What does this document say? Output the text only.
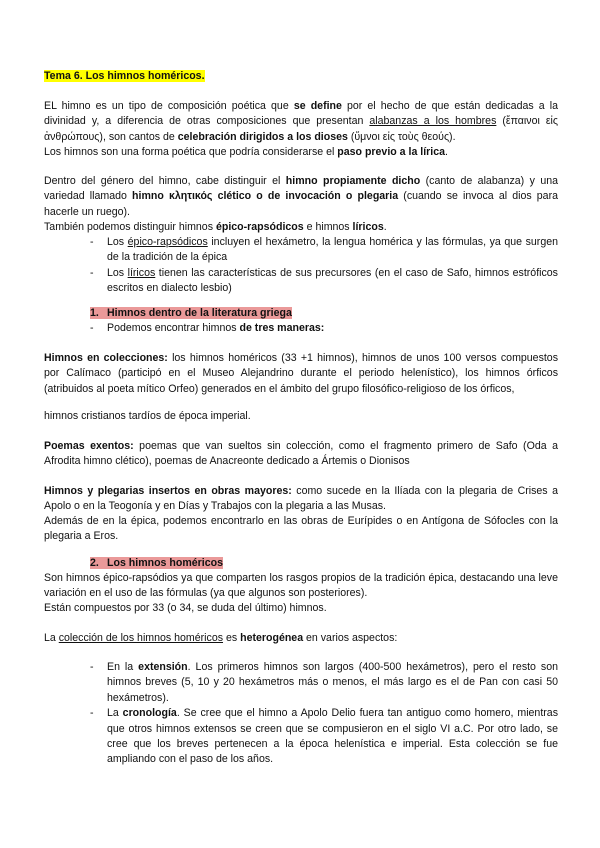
Tema 6. Los himnos homéricos.
EL himno es un tipo de composición poética que se define por el hecho de que están dedicadas a la divinidad y, a diferencia de otras composiciones que presentan alabanzas a los hombres (ἔπαινοι εἰς ἀνθρώπους), son cantos de celebración dirigidos a los dioses (ὕμνοι εἰς τοὺς θεούς).
Los himnos son una forma poética que podría considerarse el paso previo a la lírica.
Dentro del género del himno, cabe distinguir el himno propiamente dicho (canto de alabanza) y una variedad llamado himno κλητικός clético o de invocación o plegaria (cuando se invoca al dios para hacerle un ruego).
También podemos distinguir himnos épico-rapsódicos e himnos líricos.
- Los épico-rapsódicos incluyen el hexámetro, la lengua homérica y las fórmulas, ya que surgen de la tradición de la épica
- Los líricos tienen las características de sus precursores (en el caso de Safo, himnos estróficos escritos en dialecto lesbio)
1. Himnos dentro de la literatura griega
- Podemos encontrar himnos de tres maneras:
Himnos en colecciones: los himnos homéricos (33 +1 himnos), himnos de unos 100 versos compuestos por Calímaco (participó en el Museo Alejandrino durante el periodo helenístico), los himnos órficos (atribuidos al poeta mítico Orfeo) generados en el ámbito del grupo filosófico-religioso de los órficos,
himnos cristianos tardíos de época imperial.
Poemas exentos: poemas que van sueltos sin colección, como el fragmento primero de Safo (Oda a Afrodita himno clético), poemas de Anacreonte dedicado a Ártemis o Dionisos
Himnos y plegarias insertos en obras mayores: como sucede en la Ilíada con la plegaria de Crises a Apolo o en la Teogonía y en Días y Trabajos con la plegaria a las Musas.
Además de en la épica, podemos encontrarlo en las obras de Eurípides o en Antígona de Sófocles con la plegaria a Eros.
2. Los himnos homéricos
Son himnos épico-rapsódios ya que comparten los rasgos propios de la tradición épica, destacando una leve variación en el uso de las fórmulas (ya que algunos son posteriores).
Están compuestos por 33 (o 34, se duda del último) himnos.
La colección de los himnos homéricos es heterogénea en varios aspectos:
- En la extensión. Los primeros himnos son largos (400-500 hexámetros), pero el resto son himnos breves (5, 10 y 20 hexámetros más o menos, el más largo es el de Pan con casi 50 hexámetros).
- La cronología. Se cree que el himno a Apolo Delio fuera tan antiguo como homero, mientras que otros himnos extensos se creen que se compusieron en el siglo VI a.C. Por otro lado, se cree que los breves pertenecen a la época helenística e imperial. Esta colección se fue ampliando con el paso de los años.
